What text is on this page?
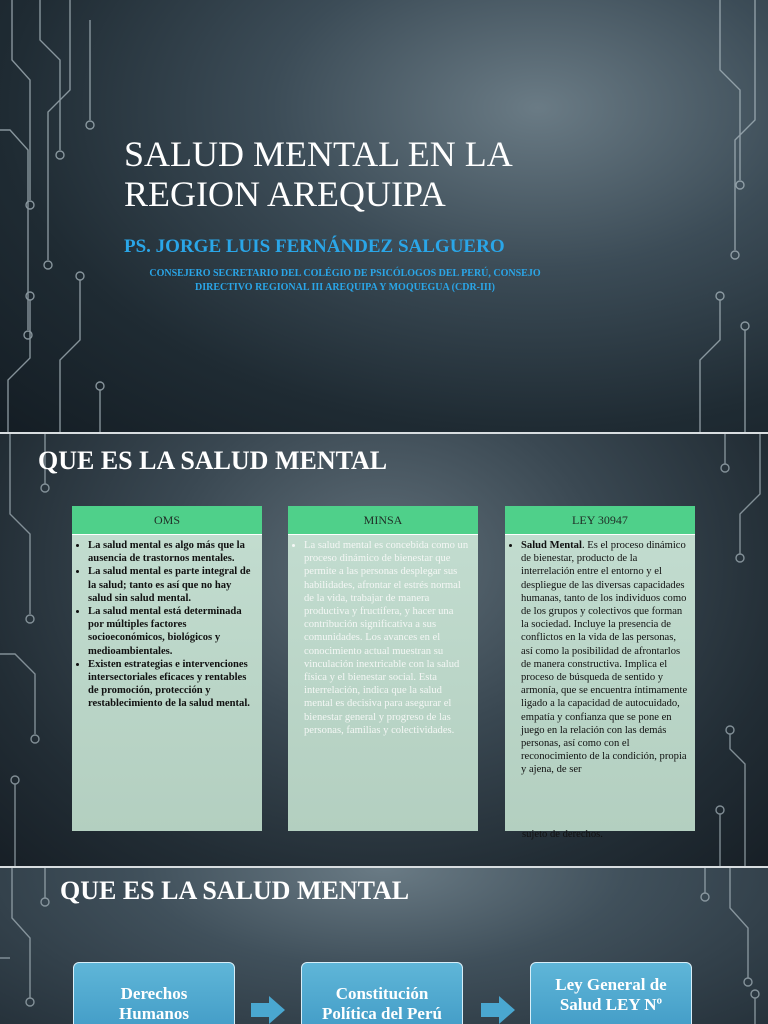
SALUD MENTAL EN LA
REGION AREQUIPA

PS. JORGE LUIS FERNÁNDEZ SALGUERO

CONSEJERO SECRETARIO DEL COLÉGIO DE PSICÓLOGOS DEL PERÚ, CONSEJO DIRECTIVO REGIONAL III AREQUIPA Y MOQUEGUA (CDR-III)
QUE ES LA SALUD MENTAL
OMS
• La salud mental es algo más que la ausencia de trastornos mentales.
• La salud mental es parte integral de la salud; tanto es así que no hay salud sin salud mental.
• La salud mental está determinada por múltiples factores socioeconómicos, biológicos y medioambientales.
• Existen estrategias e intervenciones intersectoriales eficaces y rentables de promoción, protección y restablecimiento de la salud mental.
MINSA
• La salud mental es concebida como un proceso dinámico de bienestar que permite a las personas desplegar sus habilidades, afrontar el estrés normal de la vida, trabajar de manera productiva y fructífera, y hacer una contribución significativa a sus comunidades. Los avances en el conocimiento actual muestran su vinculación inextricable con la salud física y el bienestar social. Esta interrelación, indica que la salud mental es decisiva para asegurar el bienestar general y progreso de las personas, familias y colectividades.
LEY 30947
• Salud Mental. Es el proceso dinámico de bienestar, producto de la interrelación entre el entorno y el despliegue de las diversas capacidades humanas, tanto de los individuos como de los grupos y colectivos que forman la sociedad. Incluye la presencia de conflictos en la vida de las personas, así como la posibilidad de afrontarlos de manera constructiva. Implica el proceso de búsqueda de sentido y armonía, que se encuentra íntimamente ligado a la capacidad de autocuidado, empatía y confianza que se pone en juego en la relación con las demás personas, así como con el reconocimiento de la condición, propia y ajena, de ser
sujeto de derechos.
QUE ES LA SALUD MENTAL
Derechos
Humanos
Constitución
Política del Perú
Ley General de
Salud LEY Nº
